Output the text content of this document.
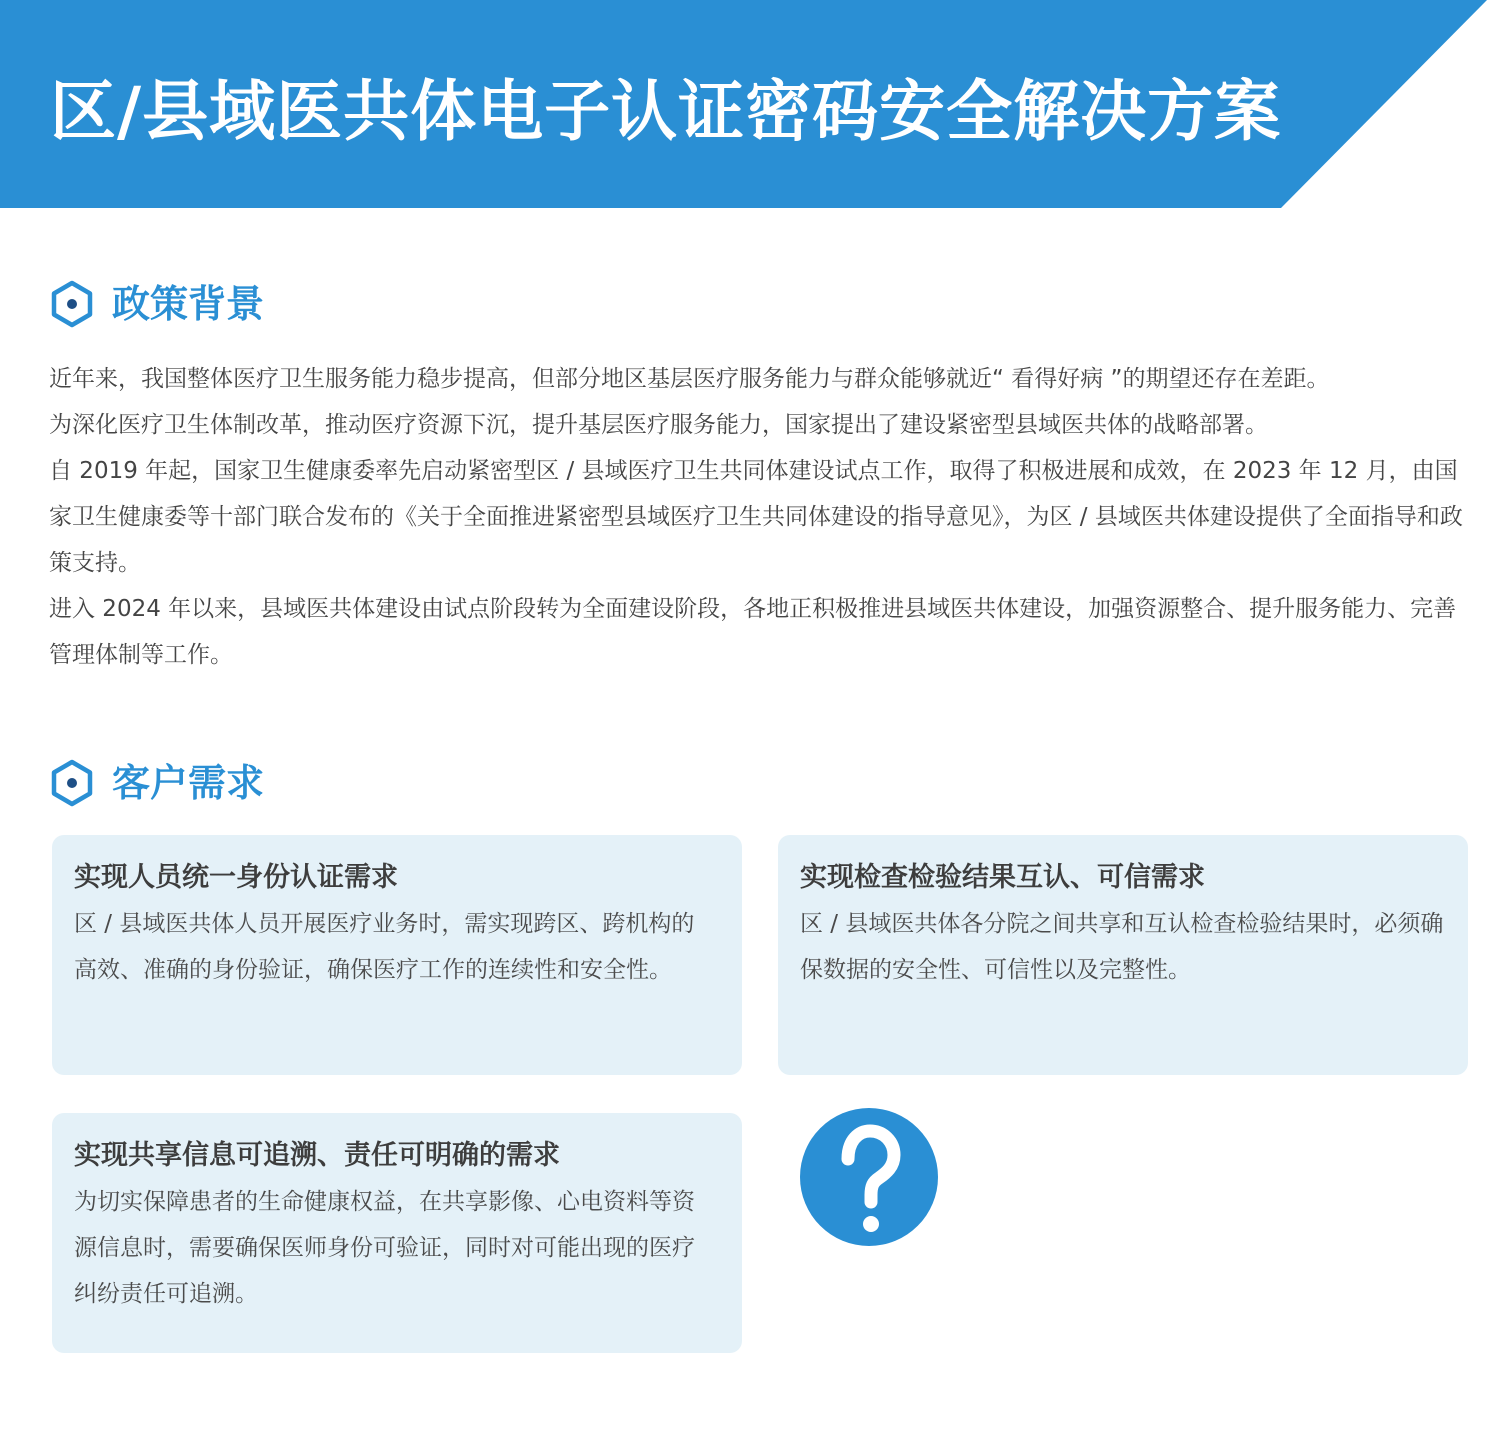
区/县域医共体电子认证密码安全解决方案
政策背景

近年来，我国整体医疗卫生服务能力稳步提高，但部分地区基层医疗服务能力与群众能够就近“ 看得好病 ”的期望还存在差距。

为深化医疗卫生体制改革，推动医疗资源下沉，提升基层医疗服务能力，国家提出了建设紧密型县域医共体的战略部署。

自 2019 年起，国家卫生健康委率先启动紧密型区 / 县域医疗卫生共同体建设试点工作，取得了积极进展和成效，在 2023 年 12 月，由国家卫生健康委等十部门联合发布的《关于全面推进紧密型县域医疗卫生共同体建设的指导意见》，为区 / 县域医共体建设提供了全面指导和政策支持。

进入 2024 年以来，县域医共体建设由试点阶段转为全面建设阶段，各地正积极推进县域医共体建设，加强资源整合、提升服务能力、完善管理体制等工作。

客户需求
实现人员统一身份认证需求

区 / 县域医共体人员开展医疗业务时，需实现跨区、跨机构的高效、准确的身份验证，确保医疗工作的连续性和安全性。

实现检查检验结果互认、可信需求

区 / 县域医共体各分院之间共享和互认检查检验结果时，必须确保数据的安全性、可信性以及完整性。

实现共享信息可追溯、责任可明确的需求

为切实保障患者的生命健康权益，在共享影像、心电资料等资源信息时，需要确保医师身份可验证，同时对可能出现的医疗纠纷责任可追溯。
